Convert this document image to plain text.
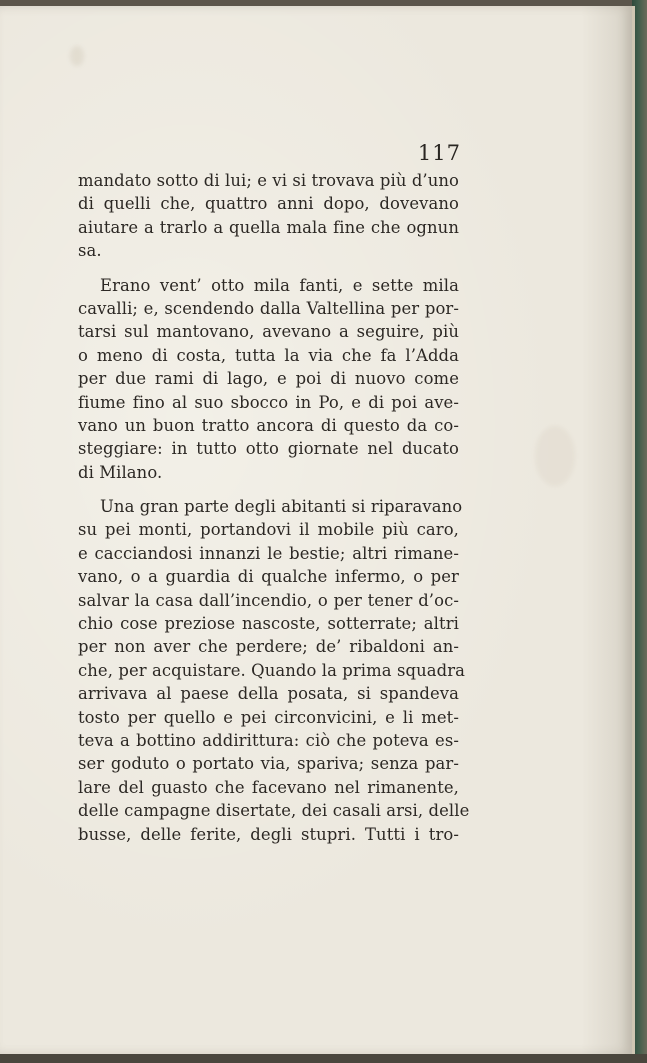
117

mandato sotto di lui; e vi si trovava più d’uno
di quelli che, quattro anni dopo, dovevano
aiutare a trarlo a quella mala fine che ognun
sa.

Erano vent’ otto mila fanti, e sette mila
cavalli; e, scendendo dalla Valtellina per por-
tarsi sul mantovano, avevano a seguire, più
o meno di costa, tutta la via che fa l’Adda
per due rami di lago, e poi di nuovo come
fiume fino al suo sbocco in Po, e di poi ave-
vano un buon tratto ancora di questo da co-
steggiare: in tutto otto giornate nel ducato
di Milano.

Una gran parte degli abitanti si riparavano
su pei monti, portandovi il mobile più caro,
e cacciandosi innanzi le bestie; altri rimane-
vano, o a guardia di qualche infermo, o per
salvar la casa dall’incendio, o per tener d’oc-
chio cose preziose nascoste, sotterrate; altri
per non aver che perdere; de’ ribaldoni an-
che, per acquistare. Quando la prima squadra
arrivava al paese della posata, si spandeva
tosto per quello e pei circonvicini, e li met-
teva a bottino addirittura: ciò che poteva es-
ser goduto o portato via, spariva; senza par-
lare del guasto che facevano nel rimanente,
delle campagne disertate, dei casali arsi, delle
busse, delle ferite, degli stupri. Tutti i tro-
